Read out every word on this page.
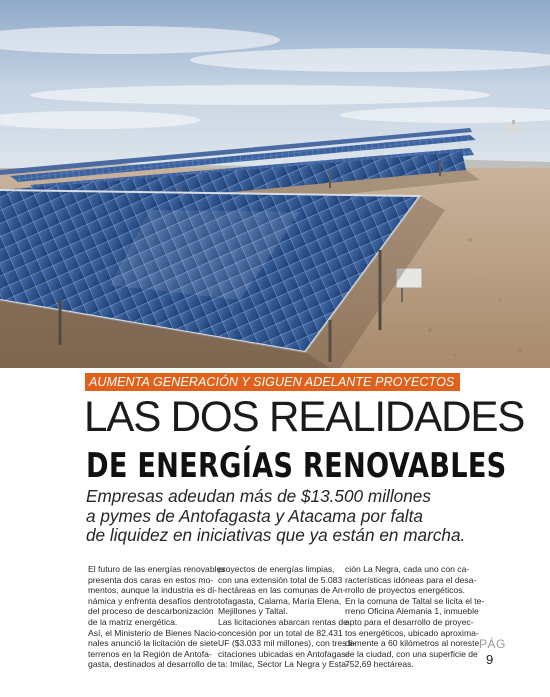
AUMENTA GENERACIÓN Y SIGUEN ADELANTE PROYECTOS
LAS DOS REALIDADES
DE ENERGÍAS RENOVABLES
Empresas adeudan más de $13.500 millones
a pymes de Antofagasta y Atacama por falta
de liquidez en iniciativas que ya están en marcha.
El futuro de las energías renovables
presenta dos caras en estos mo-
mentos, aunque la industria es di-
námica y enfrenta desafíos dentro
del proceso de descarbonización
de la matriz energética.
Así, el Ministerio de Bienes Nacio-
nales anunció la licitación de siete
terrenos en la Región de Antofa-
gasta, destinados al desarrollo de
proyectos de energías limpias,
con una extensión total de 5.083
hectáreas en las comunas de An-
tofagasta, Calama, María Elena,
Mejillones y Taltal.
Las licitaciones abarcan rentas de
concesión por un total de 82.431
UF ($3.033 mil millones), con tres li-
citaciones ubicadas en Antofagas-
ta: Imilac, Sector La Negra y Esta-
ción La Negra, cada uno con ca-
racterísticas idóneas para el desa-
rrollo de proyectos energéticos.
En la comuna de Taltal se licita el te-
rreno Oficina Alemania 1, inmueble
apto para el desarrollo de proyec-
tos energéticos, ubicado aproxima-
damente a 60 kilómetros al noreste
de la ciudad, con una superficie de
752,69 hectáreas.
PÁG
9
